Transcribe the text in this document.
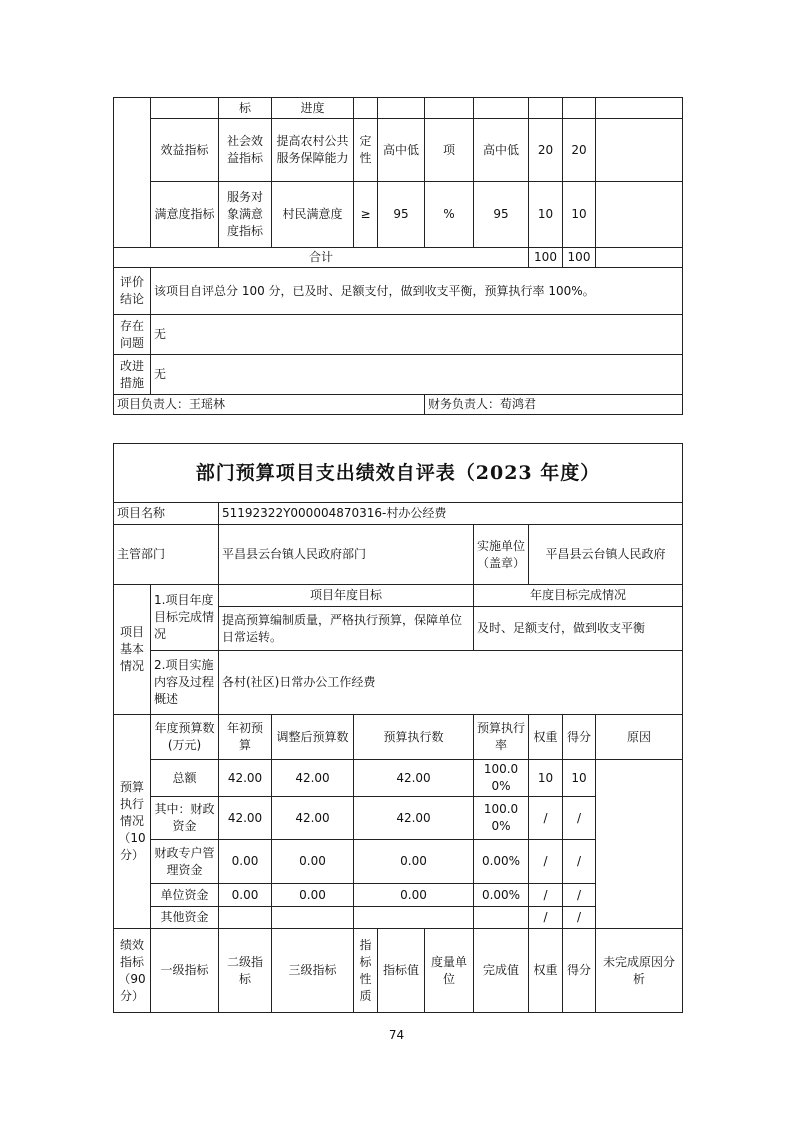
		标	进度							
	效益指标	社会效益指标	提高农村公共服务保障能力	定性	高中低	项	高中低	20	20	
	满意度指标	服务对象满意度指标	村民满意度	≥	95	%	95	10	10	
合计								100	100	
评价结论	该项目自评总分 100 分，已及时、足额支付，做到收支平衡，预算执行率 100%。									
存在问题	无									
改进措施	无									
项目负责人：王瑶林						财务负责人：荀鸿君				
部门预算项目支出绩效自评表（2023 年度）										
项目名称		51192322Y000004870316-村办公经费								
主管部门		平昌县云台镇人民政府部门					实施单位（盖章）	平昌县云台镇人民政府		
项目基本情况	1.项目年度目标完成情况	项目年度目标					年度目标完成情况			
		提高预算编制质量，严格执行预算，保障单位日常运转。					及时、足额支付，做到收支平衡			
	2.项目实施内容及过程概述	各村(社区)日常办公工作经费								
预算执行情况（10分）	年度预算数(万元)	年初预算	调整后预算数	预算执行数			预算执行率	权重	得分	原因
	总额	42.00	42.00	42.00			100.00%	10	10	
	其中：财政资金	42.00	42.00	42.00			100.00%	/	/	
	财政专户管理资金	0.00	0.00	0.00			0.00%	/	/	
	单位资金	0.00	0.00	0.00			0.00%	/	/	
	其他资金							/	/	
绩效指标（90分）	一级指标	二级指标	三级指标	指标性质	指标值	度量单位	完成值	权重	得分	未完成原因分析
74
